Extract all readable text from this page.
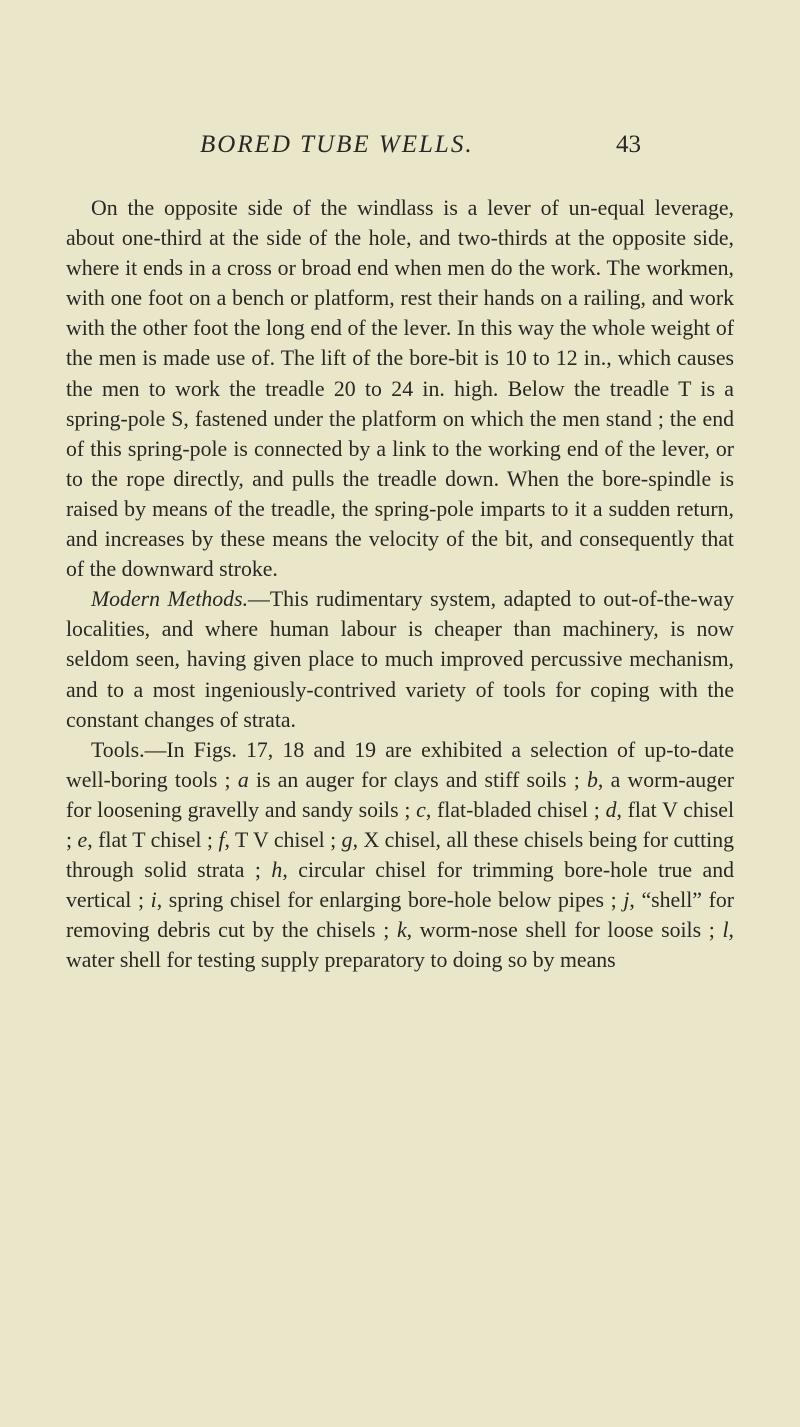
BORED TUBE WELLS.	43

On the opposite side of the windlass is a lever of un-equal leverage, about one-third at the side of the hole, and two-thirds at the opposite side, where it ends in a cross or broad end when men do the work. The workmen, with one foot on a bench or platform, rest their hands on a railing, and work with the other foot the long end of the lever. In this way the whole weight of the men is made use of. The lift of the bore-bit is 10 to 12 in., which causes the men to work the treadle 20 to 24 in. high. Below the treadle T is a spring-pole S, fastened under the platform on which the men stand ; the end of this spring-pole is connected by a link to the working end of the lever, or to the rope directly, and pulls the treadle down. When the bore-spindle is raised by means of the treadle, the spring-pole imparts to it a sudden return, and increases by these means the velocity of the bit, and consequently that of the downward stroke.

Modern Methods.—This rudimentary system, adapted to out-of-the-way localities, and where human labour is cheaper than machinery, is now seldom seen, having given place to much improved percussive mechanism, and to a most ingeniously-contrived variety of tools for coping with the constant changes of strata.

Tools.—In Figs. 17, 18 and 19 are exhibited a selection of up-to-date well-boring tools ; a is an auger for clays and stiff soils ; b, a worm-auger for loosening gravelly and sandy soils ; c, flat-bladed chisel ; d, flat V chisel ; e, flat T chisel ; f, T V chisel ; g, X chisel, all these chisels being for cutting through solid strata ; h, circular chisel for trimming bore-hole true and vertical ; i, spring chisel for enlarging bore-hole below pipes ; j, “shell” for removing debris cut by the chisels ; k, worm-nose shell for loose soils ; l, water shell for testing supply preparatory to doing so by means
